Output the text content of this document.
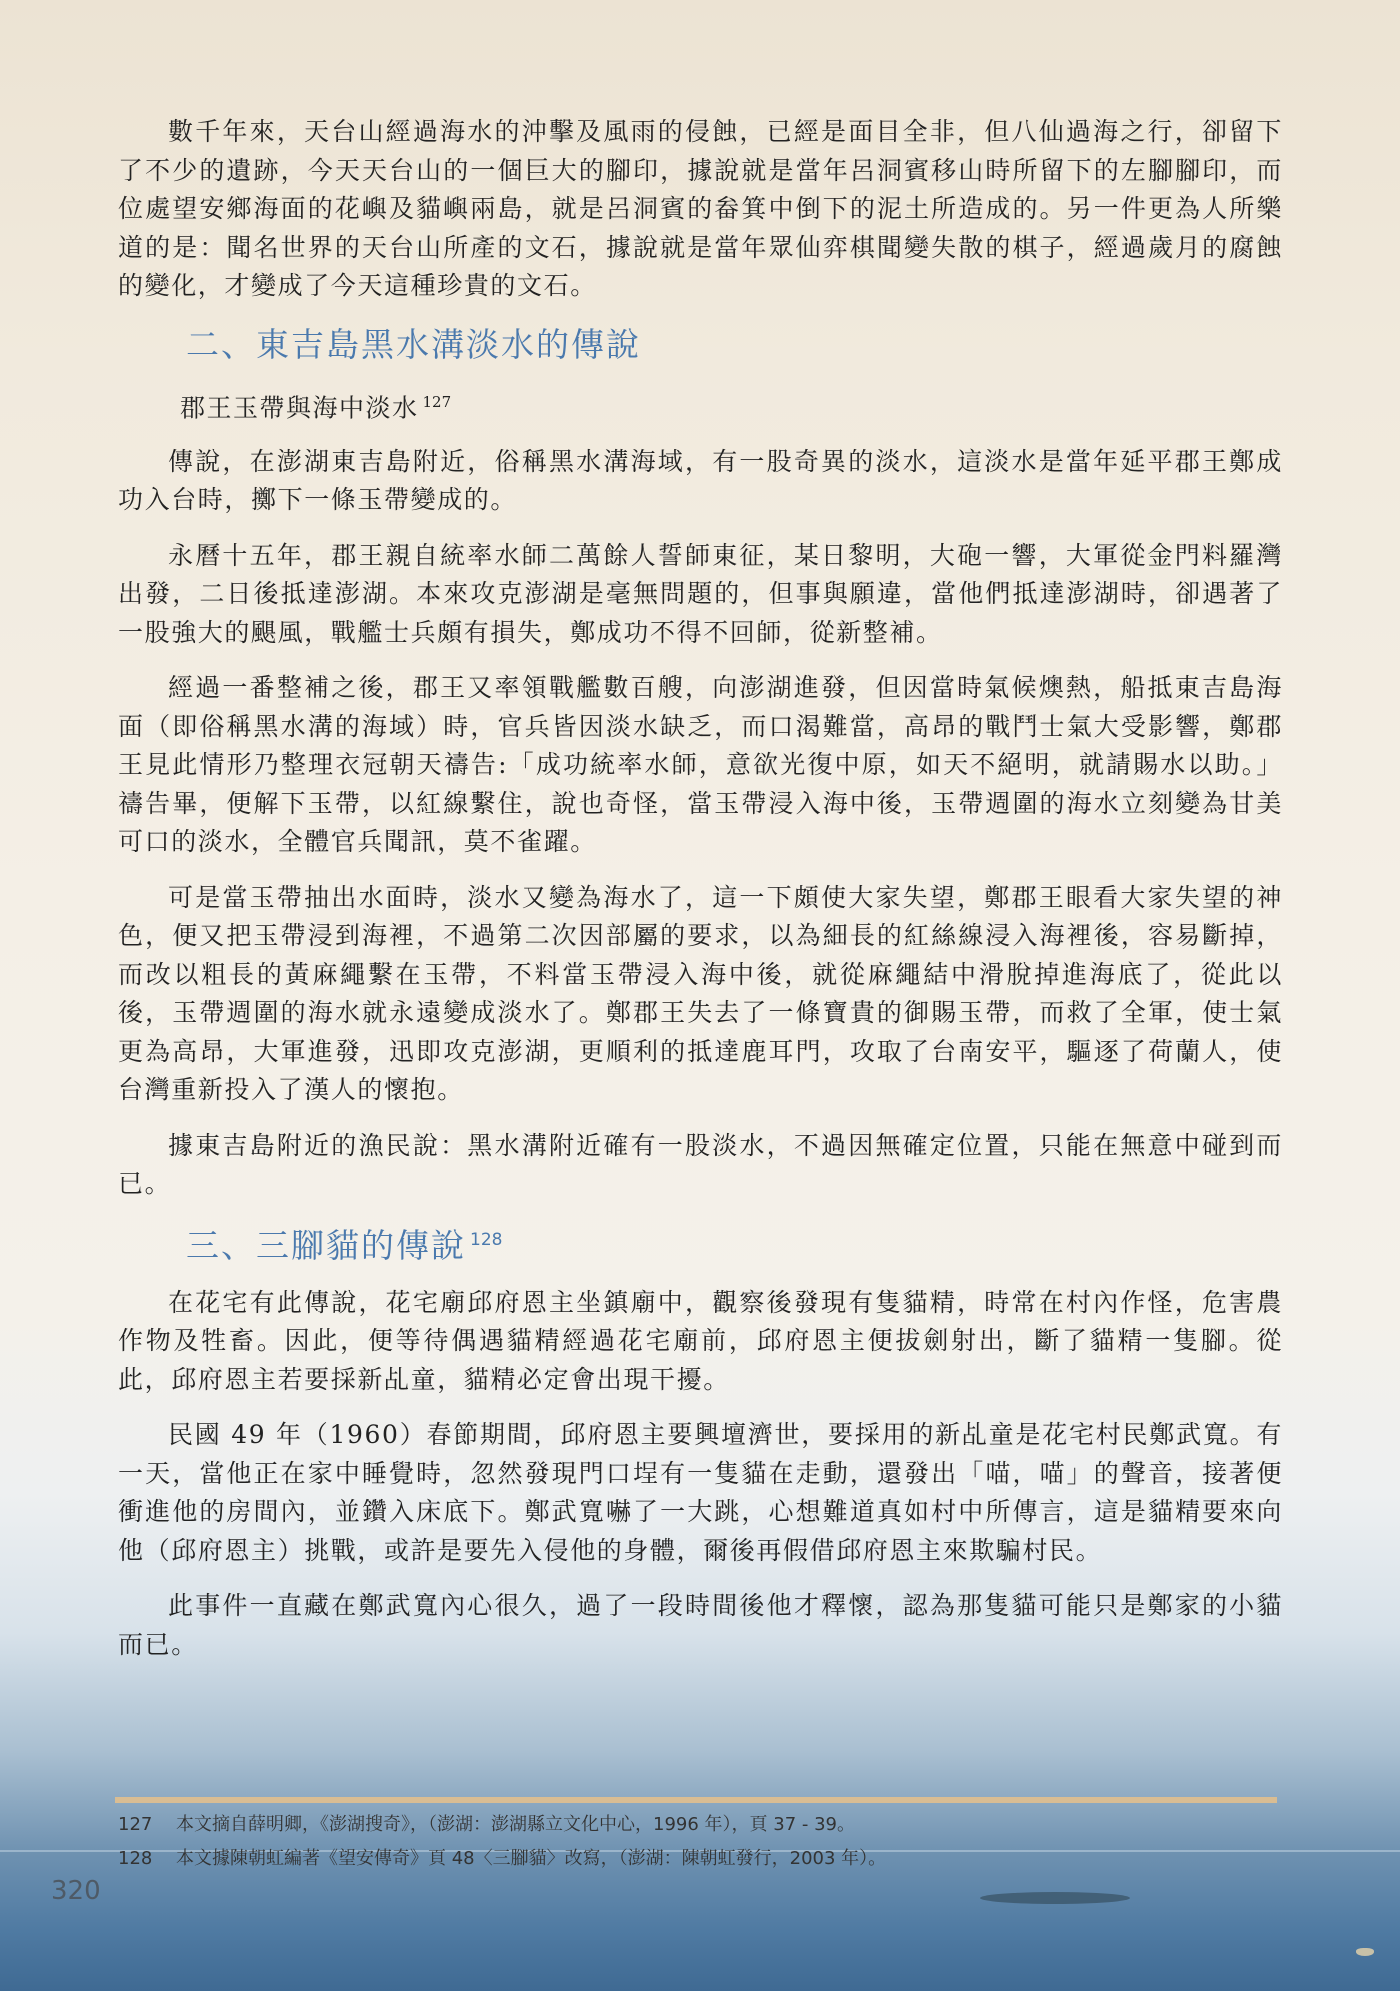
數千年來，天台山經過海水的沖擊及風雨的侵蝕，已經是面目全非，但八仙過海之行，卻留下了不少的遺跡，今天天台山的一個巨大的腳印，據說就是當年呂洞賓移山時所留下的左腳腳印，而位處望安鄉海面的花嶼及貓嶼兩島，就是呂洞賓的畚箕中倒下的泥土所造成的。另一件更為人所樂道的是：聞名世界的天台山所產的文石，據說就是當年眾仙弈棋聞變失散的棋子，經過歲月的腐蝕的變化，才變成了今天這種珍貴的文石。

二、東吉島黑水溝淡水的傳說
郡王玉帶與海中淡水 $^{127}$

傳說，在澎湖東吉島附近，俗稱黑水溝海域，有一股奇異的淡水，這淡水是當年延平郡王鄭成功入台時，擲下一條玉帶變成的。

永曆十五年，郡王親自統率水師二萬餘人誓師東征，某日黎明，大砲一響，大軍從金門料羅灣出發，二日後抵達澎湖。本來攻克澎湖是毫無問題的，但事與願違，當他們抵達澎湖時，卻遇著了一股強大的颶風，戰艦士兵頗有損失，鄭成功不得不回師，從新整補。

經過一番整補之後，郡王又率領戰艦數百艘，向澎湖進發，但因當時氣候燠熱，船抵東吉島海面（即俗稱黑水溝的海域）時，官兵皆因淡水缺乏，而口渴難當，高昂的戰鬥士氣大受影響，鄭郡王見此情形乃整理衣冠朝天禱告:「成功統率水師，意欲光復中原，如天不絕明，就請賜水以助。」禱告畢，便解下玉帶，以紅線繫住，說也奇怪，當玉帶浸入海中後，玉帶週圍的海水立刻變為甘美可口的淡水，全體官兵聞訊，莫不雀躍。

可是當玉帶抽出水面時，淡水又變為海水了，這一下頗使大家失望，鄭郡王眼看大家失望的神色，便又把玉帶浸到海裡，不過第二次因部屬的要求，以為細長的紅絲線浸入海裡後，容易斷掉，而改以粗長的黃麻繩繫在玉帶，不料當玉帶浸入海中後，就從麻繩結中滑脫掉進海底了，從此以後，玉帶週圍的海水就永遠變成淡水了。鄭郡王失去了一條寶貴的御賜玉帶，而救了全軍，使士氣更為高昂，大軍進發，迅即攻克澎湖，更順利的抵達鹿耳門，攻取了台南安平，驅逐了荷蘭人，使台灣重新投入了漢人的懷抱。

據東吉島附近的漁民說：黑水溝附近確有一股淡水，不過因無確定位置，只能在無意中碰到而已。

三、三腳貓的傳說 $^{128}$

在花宅有此傳說，花宅廟邱府恩主坐鎮廟中，觀察後發現有隻貓精，時常在村內作怪，危害農作物及牲畜。因此，便等待偶遇貓精經過花宅廟前，邱府恩主便拔劍射出，斷了貓精一隻腳。從此，邱府恩主若要採新乩童，貓精必定會出現干擾。

民國 49 年（1960）春節期間，邱府恩主要興壇濟世，要採用的新乩童是花宅村民鄭武寬。有一天，當他正在家中睡覺時，忽然發現門口埕有一隻貓在走動，還發出「喵，喵」的聲音，接著便衝進他的房間內，並鑽入床底下。鄭武寬嚇了一大跳，心想難道真如村中所傳言，這是貓精要來向他（邱府恩主）挑戰，或許是要先入侵他的身體，爾後再假借邱府恩主來欺騙村民。

此事件一直藏在鄭武寬內心很久，過了一段時間後他才釋懷，認為那隻貓可能只是鄭家的小貓而已。

127	本文摘自薛明卿，《澎湖搜奇》，（澎湖：澎湖縣立文化中心，1996 年），頁 37 - 39。
128	本文據陳朝虹編著《望安傳奇》頁 48〈三腳貓〉改寫，（澎湖：陳朝虹發行，2003 年）。
320
